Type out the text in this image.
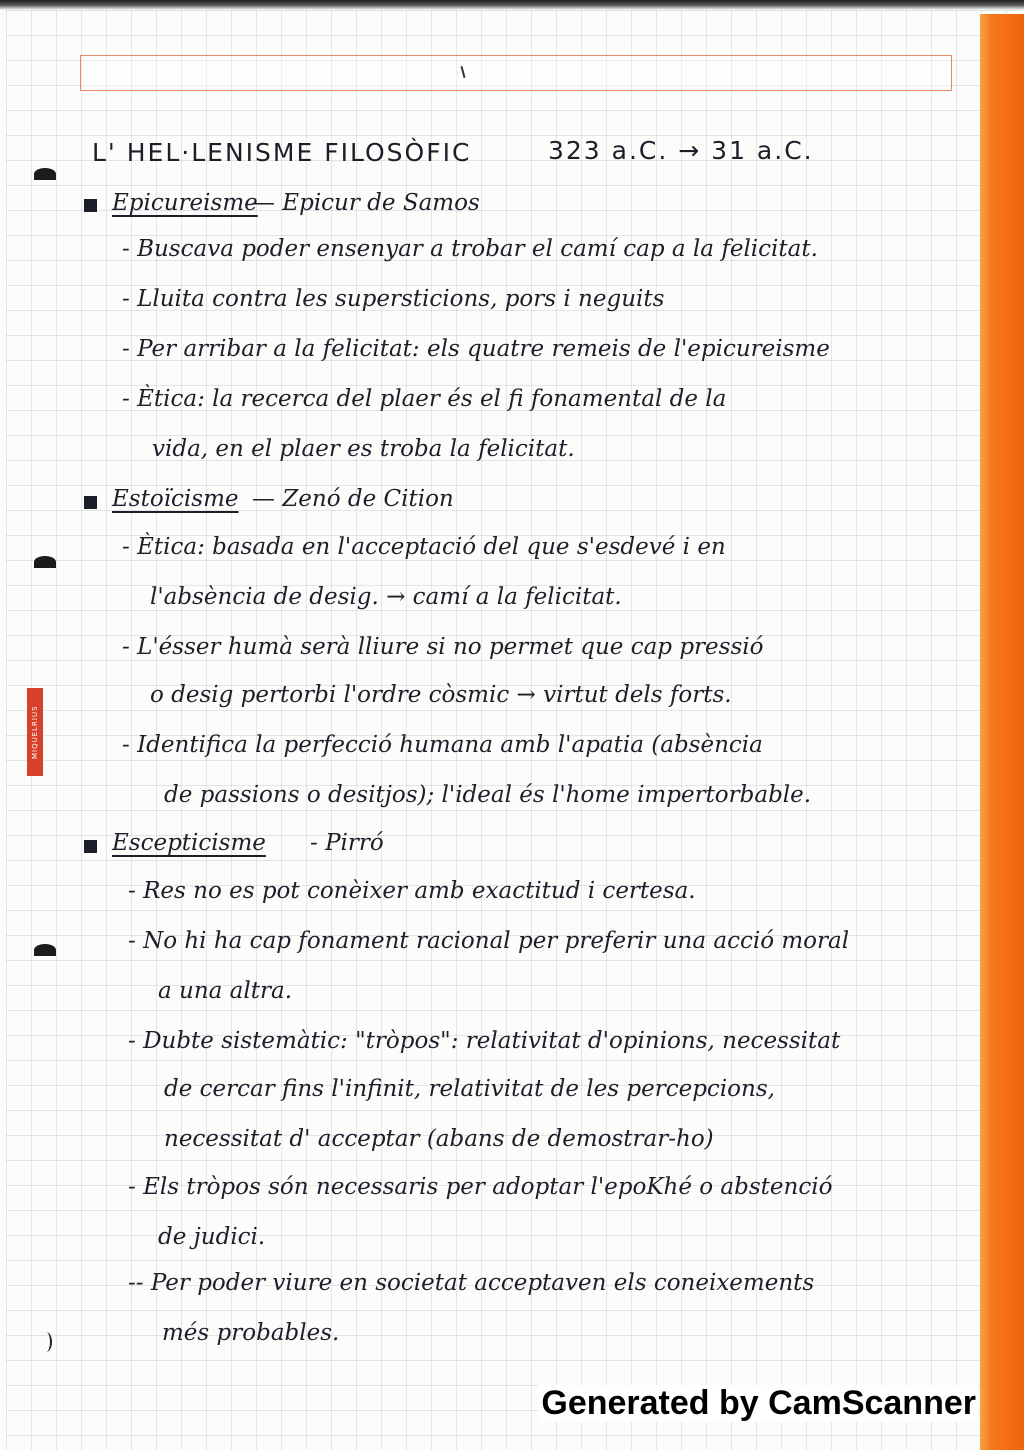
MIQUELRIUS
L' HEL·LENISME FILOSÒFIC	323 a.C. → 31 a.C.
Epicureisme
— Epicur de Samos
- Buscava poder ensenyar a trobar el camí cap a la felicitat.
- Lluita contra les supersticions, pors i neguits
- Per arribar a la felicitat: els quatre remeis de l'epicureisme
- Ètica: la recerca del plaer és el fi fonamental de la
vida, en el plaer es troba la felicitat.
Estoïcisme — Zenó de Cition
- Ètica: basada en l'acceptació del que s'esdevé i en
l'absència de desig. → camí a la felicitat.
- L'ésser humà serà lliure si no permet que cap pressió
o desig pertorbi l'ordre còsmic → virtut dels forts.
- Identifica la perfecció humana amb l'apatia (absència
de passions o desitjos); l'ideal és l'home impertorbable.
Escepticisme - Pirró
- Res no es pot conèixer amb exactitud i certesa.
- No hi ha cap fonament racional per preferir una acció moral
a una altra.
- Dubte sistemàtic: "tròpos": relativitat d'opinions, necessitat
de cercar fins l'infinit, relativitat de les percepcions,
necessitat d' acceptar (abans de demostrar-ho)
- Els tròpos són necessaris per adoptar l'epoKhé o abstenció
de judici.
-- Per poder viure en societat acceptaven els coneixements
més probables.
Generated by CamScanner
